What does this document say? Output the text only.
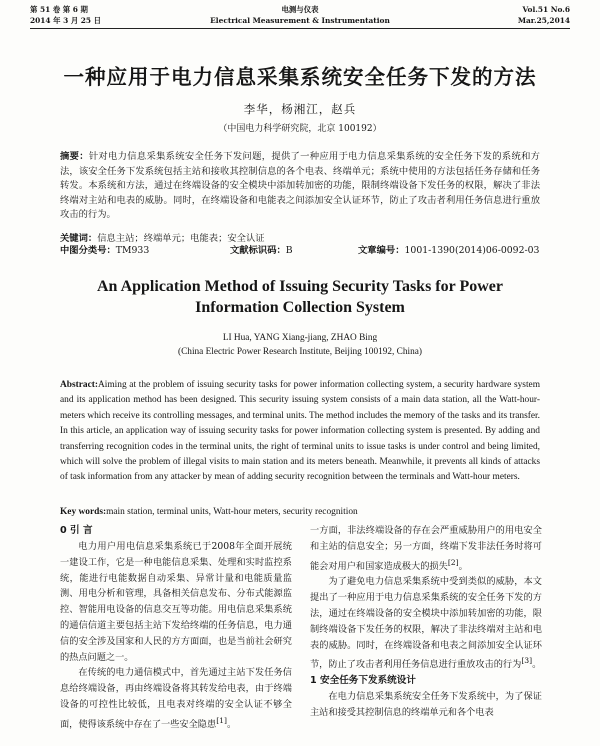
第 51 卷 第 6 期
2014 年 3 月 25 日
电测与仪表
Electrical Measurement & Instrumentation
Vol.51 No.6
Mar.25,2014
一种应用于电力信息采集系统安全任务下发的方法
李华，杨湘江，赵兵
（中国电力科学研究院，北京 100192）
摘要：针对电力信息采集系统安全任务下发问题，提供了一种应用于电力信息采集系统的安全任务下发的系统和方法，该安全任务下发系统包括主站和接收其控制信息的各个电表、终端单元；系统中使用的方法包括任务存储和任务转发。本系统和方法，通过在终端设备的安全模块中添加转加密的功能，限制终端设备下发任务的权限，解决了非法终端对主站和电表的威胁。同时，在终端设备和电能表之间添加安全认证环节，防止了攻击者利用任务信息进行重放攻击的行为。
关键词：信息主站；终端单元；电能表；安全认证
中图分类号：TM933	文献标识码：B	文章编号：1001-1390(2014)06-0092-03
An Application Method of Issuing Security Tasks for Power Information Collection System
LI Hua, YANG Xiang-jiang, ZHAO Bing
(China Electric Power Research Institute, Beijing 100192, China)
Abstract:Aiming at the problem of issuing security tasks for power information collecting system, a security hardware system and its application method has been designed. This security issuing system consists of a main data station, all the Watt-hour-meters which receive its controlling messages, and terminal units. The method includes the memory of the tasks and its transfer. In this article, an application way of issuing security tasks for power information collecting system is presented. By adding and transferring recognition codes in the terminal units, the right of terminal units to issue tasks is under control and being limited, which will solve the problem of illegal visits to main station and its meters beneath. Meanwhile, it prevents all kinds of attacks of task information from any attacker by mean of adding security recognition between the terminals and Watt-hour meters.
Key words:main station, terminal units, Watt-hour meters, security recognition
0 引 言

电力用户用电信息采集系统已于2008年全面开展统一建设工作，它是一种电能信息采集、处理和实时监控系统，能进行电能数据自动采集、异常计量和电能质量监测、用电分析和管理，具备相关信息发布、分布式能源监控、智能用电设备的信息交互等功能。用电信息采集系统的通信信道主要包括主站下发给终端的任务信息，电力通信的安全涉及国家和人民的方方面面，也是当前社会研究的热点问题之一。

在传统的电力通信模式中，首先通过主站下发任务信息给终端设备，再由终端设备将其转发给电表，由于终端设备的可控性比较低，且电表对终端的安全认证不够全面，使得该系统中存在了一些安全隐患[1]。

一方面，非法终端设备的存在会严重威胁用户的用电安全和主站的信息安全；另一方面，终端下发非法任务时将可能会对用户和国家造成极大的损失[2]。

为了避免电力信息采集系统中受到类似的威胁，本文提出了一种应用于电力信息采集系统的安全任务下发的方法，通过在终端设备的安全模块中添加转加密的功能，限制终端设备下发任务的权限，解决了非法终端对主站和电表的威胁。同时，在终端设备和电表之间添加安全认证环节，防止了攻击者利用任务信息进行重放攻击的行为[3]。

1 安全任务下发系统设计

在电力信息采集系统安全任务下发系统中，为了保证主站和接受其控制信息的终端单元和各个电表
